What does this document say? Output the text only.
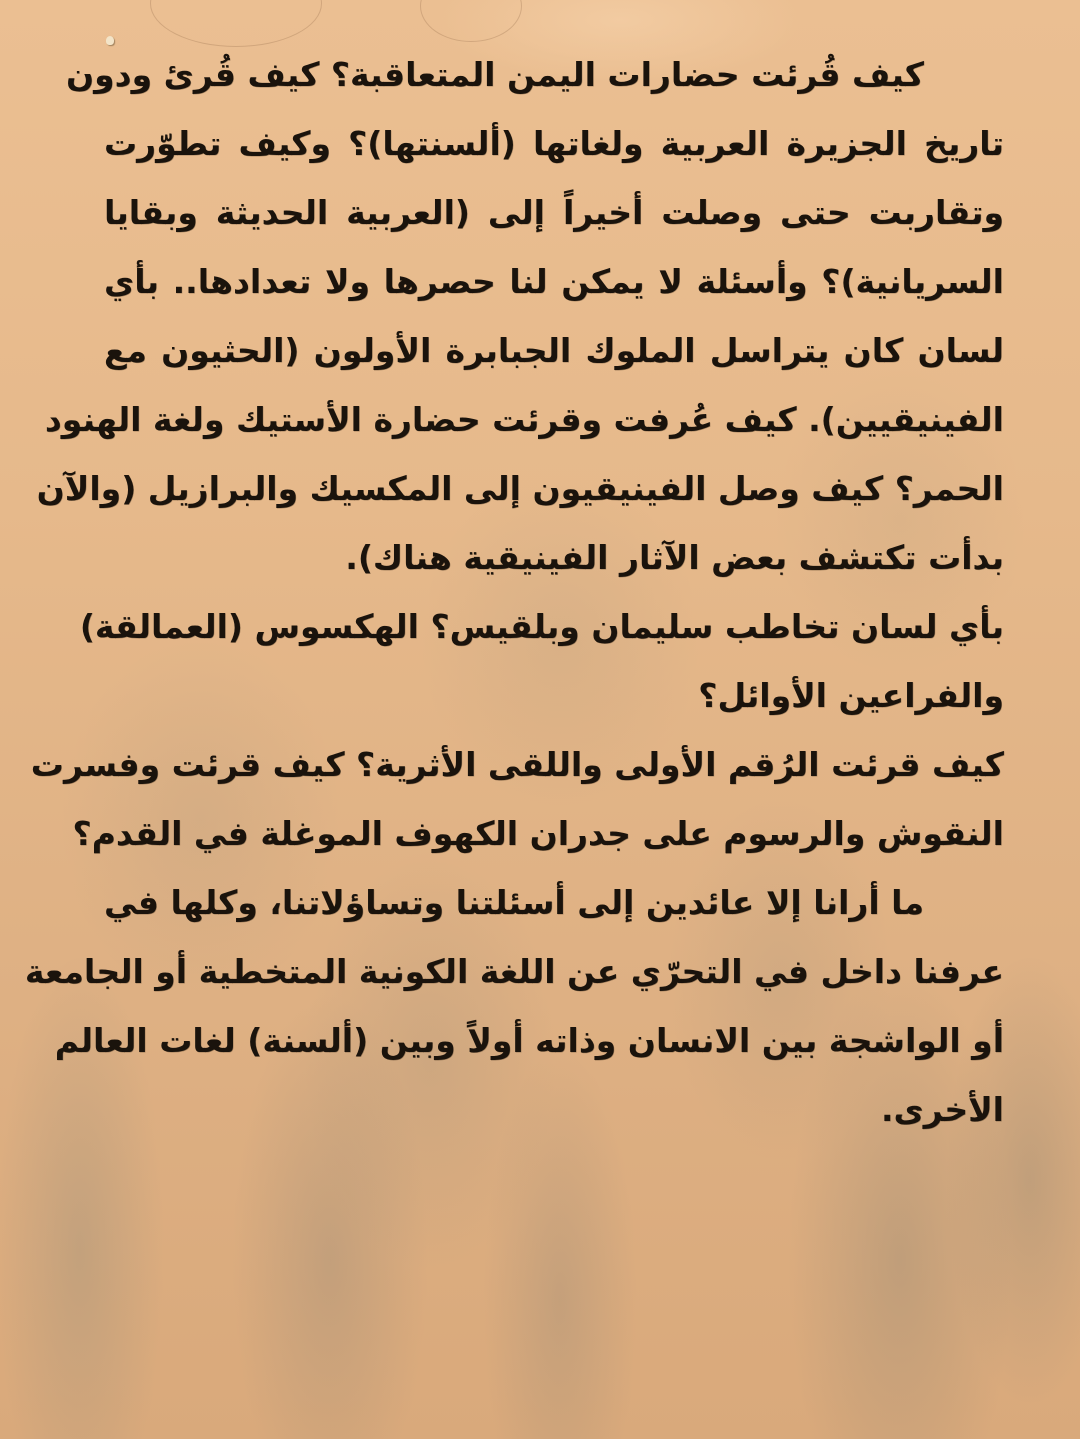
كيف قُرئت حضارات اليمن المتعاقبة؟ كيف قُرئ ودون
تاريخ الجزيرة العربية ولغاتها (ألسنتها)؟ وكيف تطوّرت
وتقاربت حتى وصلت أخيراً إلى (العربية الحديثة وبقايا
السريانية)؟ وأسئلة لا يمكن لنا حصرها ولا تعدادها.. بأي
لسان كان يتراسل الملوك الجبابرة الأولون (الحثيون مع
الفينيقيين). كيف عُرفت وقرئت حضارة الأستيك ولغة الهنود
الحمر؟ كيف وصل الفينيقيون إلى المكسيك والبرازيل (والآن
بدأت تكتشف بعض الآثار الفينيقية هناك).
بأي لسان تخاطب سليمان وبلقيس؟ الهكسوس (العمالقة)
والفراعين الأوائل؟
كيف قرئت الرُقم الأولى واللقى الأثرية؟ كيف قرئت وفسرت
النقوش والرسوم على جدران الكهوف الموغلة في القدم؟
ما أرانا إلا عائدين إلى أسئلتنا وتساؤلاتنا، وكلها في
عرفنا داخل في التحرّي عن اللغة الكونية المتخطية أو الجامعة
أو الواشجة بين الانسان وذاته أولاً وبين (ألسنة) لغات العالم
الأخرى.
